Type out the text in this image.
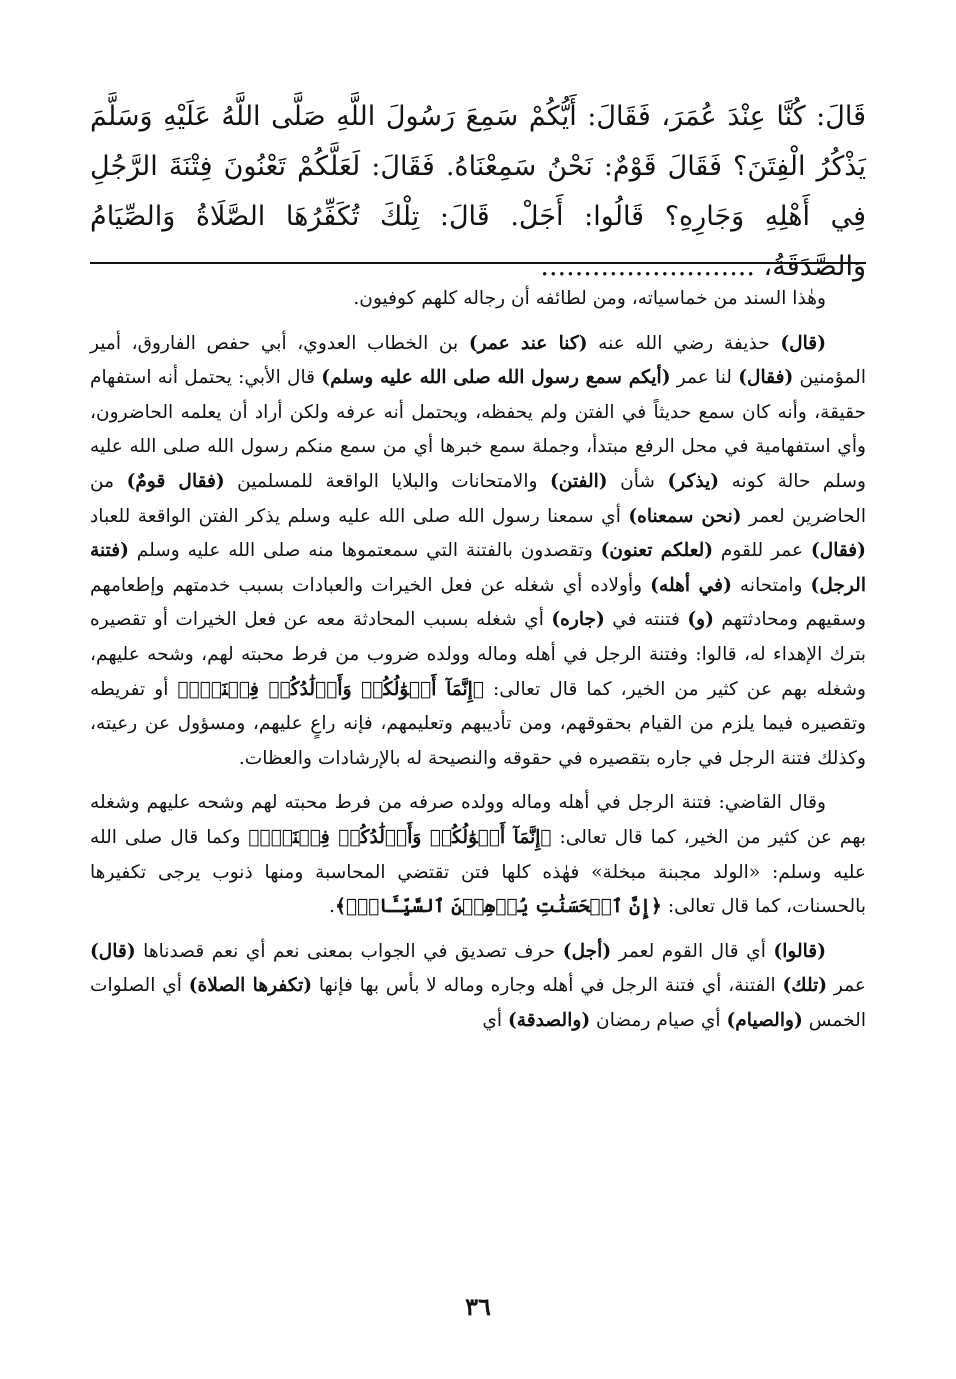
قَالَ: كُنَّا عِنْدَ عُمَرَ، فَقَالَ: أَيُّكُمْ سَمِعَ رَسُولَ اللَّهِ صَلَّى اللَّهُ عَلَيْهِ وَسَلَّمَ يَذْكُرُ الْفِتَنَ؟ فَقَالَ قَوْمٌ: نَحْنُ سَمِعْنَاهُ. فَقَالَ: لَعَلَّكُمْ تَعْنُونَ فِتْنَةَ الرَّجُلِ فِي أَهْلِهِ وَجَارِهِ؟ قَالُوا: أَجَلْ. قَالَ: تِلْكَ تُكَفِّرُهَا الصَّلَاةُ وَالصِّيَامُ وَالصَّدَقَةُ، .........................

وهٰذا السند من خماسياته، ومن لطائفه أن رجاله كلهم كوفيون.

(قال) حذيفة رضي الله عنه (كنا عند عمر) بن الخطاب العدوي، أبي حفص الفاروق، أمير المؤمنين (فقال) لنا عمر (أيكم سمع رسول الله صلى الله عليه وسلم) قال الأبي: يحتمل أنه استفهام حقيقة، وأنه كان سمع حديثاً في الفتن ولم يحفظه، ويحتمل أنه عرفه ولكن أراد أن يعلمه الحاضرون، وأي استفهامية في محل الرفع مبتدأ، وجملة سمع خبرها أي من سمع منكم رسول الله صلى الله عليه وسلم حالة كونه (يذكر) شأن (الفتن) والامتحانات والبلايا الواقعة للمسلمين (فقال قومٌ) من الحاضرين لعمر (نحن سمعناه) أي سمعنا رسول الله صلى الله عليه وسلم يذكر الفتن الواقعة للعباد (فقال) عمر للقوم (لعلكم تعنون) وتقصدون بالفتنة التي سمعتموها منه صلى الله عليه وسلم (فتنة الرجل) وامتحانه (في أهله) وأولاده أي شغله عن فعل الخيرات والعبادات بسبب خدمتهم وإطعامهم وسقيهم ومحادثتهم (و) فتنته في (جاره) أي شغله بسبب المحادثة معه عن فعل الخيرات أو تقصيره بترك الإهداء له، قالوا: وفتنة الرجل في أهله وماله وولده ضروب من فرط محبته لهم، وشحه عليهم، وشغله بهم عن كثير من الخير، كما قال تعالى: ﴿إِنَّمَآ أَمۡوَٰلُكُمۡ وَأَوۡلَٰدُكُمۡ فِتۡنَةٞۚ﴾ أو تفريطه وتقصيره فيما يلزم من القيام بحقوقهم، ومن تأديبهم وتعليمهم، فإنه راعٍ عليهم، ومسؤول عن رعيته، وكذلك فتنة الرجل في جاره بتقصيره في حقوقه والنصيحة له بالإرشادات والعظات.

وقال القاضي: فتنة الرجل في أهله وماله وولده صرفه من فرط محبته لهم وشحه عليهم وشغله بهم عن كثير من الخير، كما قال تعالى: ﴿إِنَّمَآ أَمۡوَٰلُكُمۡ وَأَوۡلَٰدُكُمۡ فِتۡنَةٞۚ﴾ وكما قال صلى الله عليه وسلم: «الولد مجبنة مبخلة» فهٰذه كلها فتن تقتضي المحاسبة ومنها ذنوب يرجى تكفيرها بالحسنات، كما قال تعالى: ﴿إِنَّ ٱلۡحَسَنَٰتِ يُذۡهِبۡنَ ٱلسَّيِّـَٔاتِۚ﴾.

(قالوا) أي قال القوم لعمر (أجل) حرف تصديق في الجواب بمعنى نعم أي نعم قصدناها (قال) عمر (تلك) الفتنة، أي فتنة الرجل في أهله وجاره وماله لا بأس بها فإنها (تكفرها الصلاة) أي الصلوات الخمس (والصيام) أي صيام رمضان (والصدقة) أي

٣٦
